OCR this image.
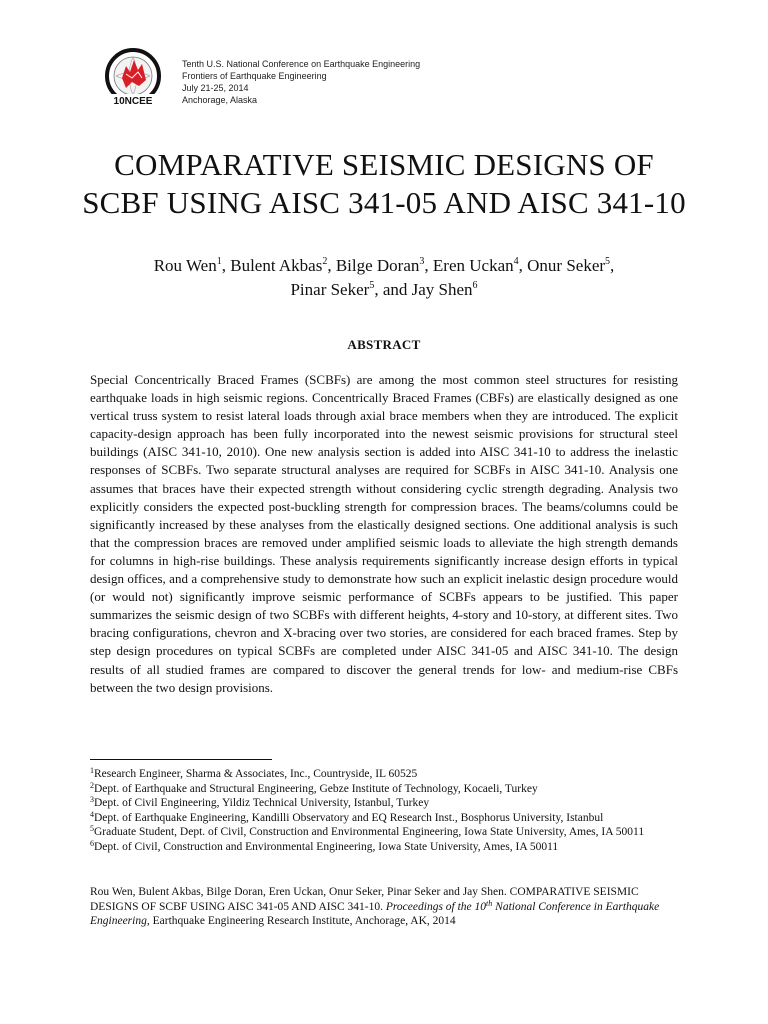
10NCEE
Tenth U.S. National Conference on Earthquake Engineering
Frontiers of Earthquake Engineering
July 21-25, 2014
Anchorage, Alaska
COMPARATIVE SEISMIC DESIGNS OF
SCBF USING AISC 341-05 AND AISC 341-10
Rou Wen$^1$, Bulent Akbas$^2$, Bilge Doran$^3$, Eren Uckan$^4$, Onur Seker$^5$,
Pinar Seker$^5$, and Jay Shen$^6$
ABSTRACT
Special Concentrically Braced Frames (SCBFs) are among the most common steel structures for resisting earthquake loads in high seismic regions. Concentrically Braced Frames (CBFs) are elastically designed as one vertical truss system to resist lateral loads through axial brace members when they are introduced. The explicit capacity-design approach has been fully incorporated into the newest seismic provisions for structural steel buildings (AISC 341-10, 2010). One new analysis section is added into AISC 341-10 to address the inelastic responses of SCBFs. Two separate structural analyses are required for SCBFs in AISC 341-10. Analysis one assumes that braces have their expected strength without considering cyclic strength degrading. Analysis two explicitly considers the expected post-buckling strength for compression braces. The beams/columns could be significantly increased by these analyses from the elastically designed sections. One additional analysis is such that the compression braces are removed under amplified seismic loads to alleviate the high strength demands for columns in high-rise buildings. These analysis requirements significantly increase design efforts in typical design offices, and a comprehensive study to demonstrate how such an explicit inelastic design procedure would (or would not) significantly improve seismic performance of SCBFs appears to be justified. This paper summarizes the seismic design of two SCBFs with different heights, 4-story and 10-story, at different sites. Two bracing configurations, chevron and X-bracing over two stories, are considered for each braced frames. Step by step design procedures on typical SCBFs are completed under AISC 341-05 and AISC 341-10. The design results of all studied frames are compared to discover the general trends for low- and medium-rise CBFs between the two design provisions.
$^1$Research Engineer, Sharma & Associates, Inc., Countryside, IL 60525
$^2$Dept. of Earthquake and Structural Engineering, Gebze Institute of Technology, Kocaeli, Turkey
$^3$Dept. of Civil Engineering, Yildiz Technical University, Istanbul, Turkey
$^4$Dept. of Earthquake Engineering, Kandilli Observatory and EQ Research Inst., Bosphorus University, Istanbul
$^5$Graduate Student, Dept. of Civil, Construction and Environmental Engineering, Iowa State University, Ames, IA 50011
$^6$Dept. of Civil, Construction and Environmental Engineering, Iowa State University, Ames, IA 50011
Rou Wen, Bulent Akbas, Bilge Doran, Eren Uckan, Onur Seker, Pinar Seker and Jay Shen. COMPARATIVE SEISMIC DESIGNS OF SCBF USING AISC 341-05 AND AISC 341-10. Proceedings of the 10th National Conference in Earthquake Engineering, Earthquake Engineering Research Institute, Anchorage, AK, 2014
